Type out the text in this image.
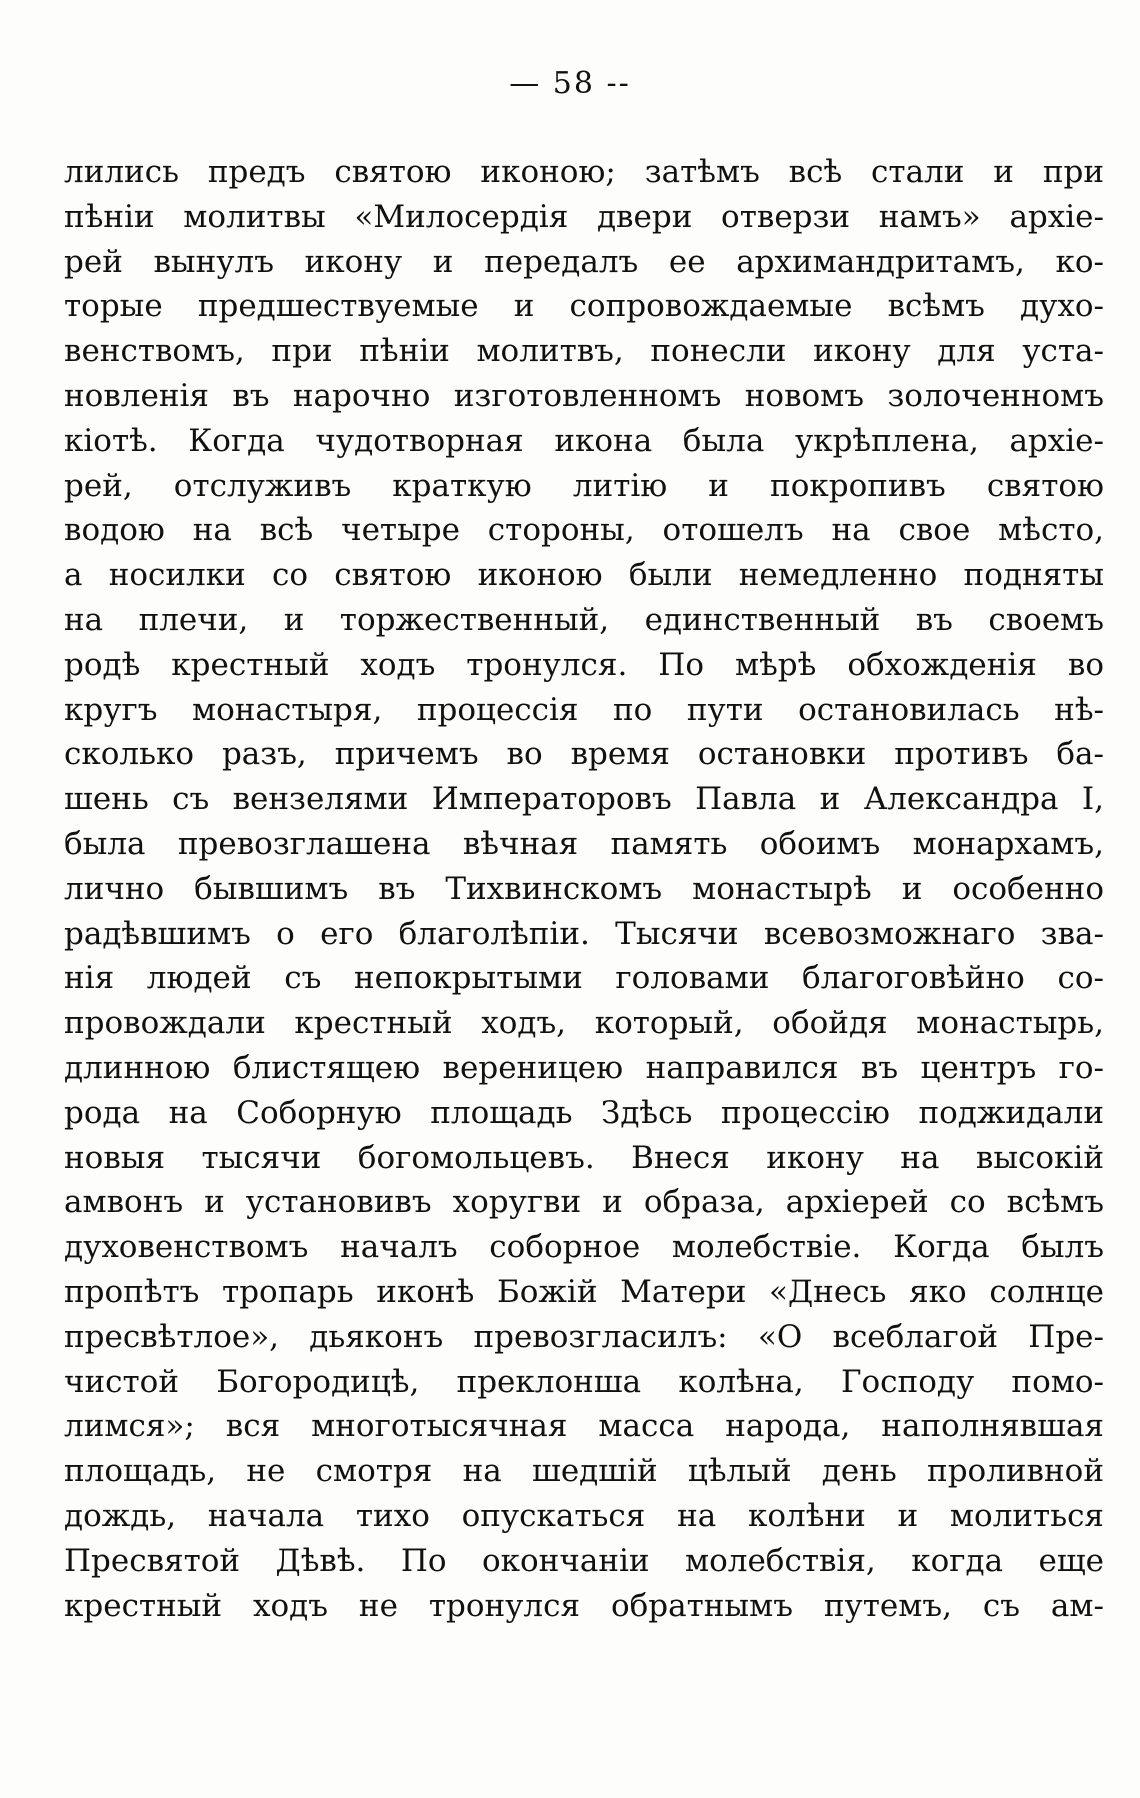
— 58 --
лились предъ святою иконою; затѣмъ всѣ стали и при
пѣніи молитвы «Милосердія двери отверзи намъ» архіе-
рей вынулъ икону и передалъ ее архимандритамъ, ко-
торые предшествуемые и сопровождаемые всѣмъ духо-
венствомъ, при пѣніи молитвъ, понесли икону для уста-
новленія въ нарочно изготовленномъ новомъ золоченномъ
кіотѣ. Когда чудотворная икона была укрѣплена, архіе-
рей, отслуживъ краткую литію и покропивъ святою
водою на всѣ четыре стороны, отошелъ на свое мѣсто,
а носилки со святою иконою были немедленно подняты
на плечи, и торжественный, единственный въ своемъ
родѣ крестный ходъ тронулся. По мѣрѣ обхожденія во
кругъ монастыря, процессія по пути остановилась нѣ-
сколько разъ, причемъ во время остановки противъ ба-
шень съ вензелями Императоровъ Павла и Александра I,
была превозглашена вѣчная память обоимъ монархамъ,
лично бывшимъ въ Тихвинскомъ монастырѣ и особенно
радѣвшимъ о его благолѣпіи. Тысячи всевозможнаго зва-
нія людей съ непокрытыми головами благоговѣйно со-
провождали крестный ходъ, который, обойдя монастырь,
длинною блистящею вереницею направился въ центръ го-
рода на Соборную площадь Здѣсь процессію поджидали
новыя тысячи богомольцевъ. Внеся икону на высокій
амвонъ и установивъ хоругви и образа, архіерей со всѣмъ
духовенствомъ началъ соборное молебствіе. Когда былъ
пропѣтъ тропарь иконѣ Божій Матери «Днесь яко солнце
пресвѣтлое», дьяконъ превозгласилъ: «О всеблагой Пре-
чистой Богородицѣ, преклонша колѣна, Господу помо-
лимся»; вся многотысячная масса народа, наполнявшая
площадь, не смотря на шедшій цѣлый день проливной
дождь, начала тихо опускаться на колѣни и молиться
Пресвятой Дѣвѣ. По окончаніи молебствія, когда еще
крестный ходъ не тронулся обратнымъ путемъ, съ ам-
